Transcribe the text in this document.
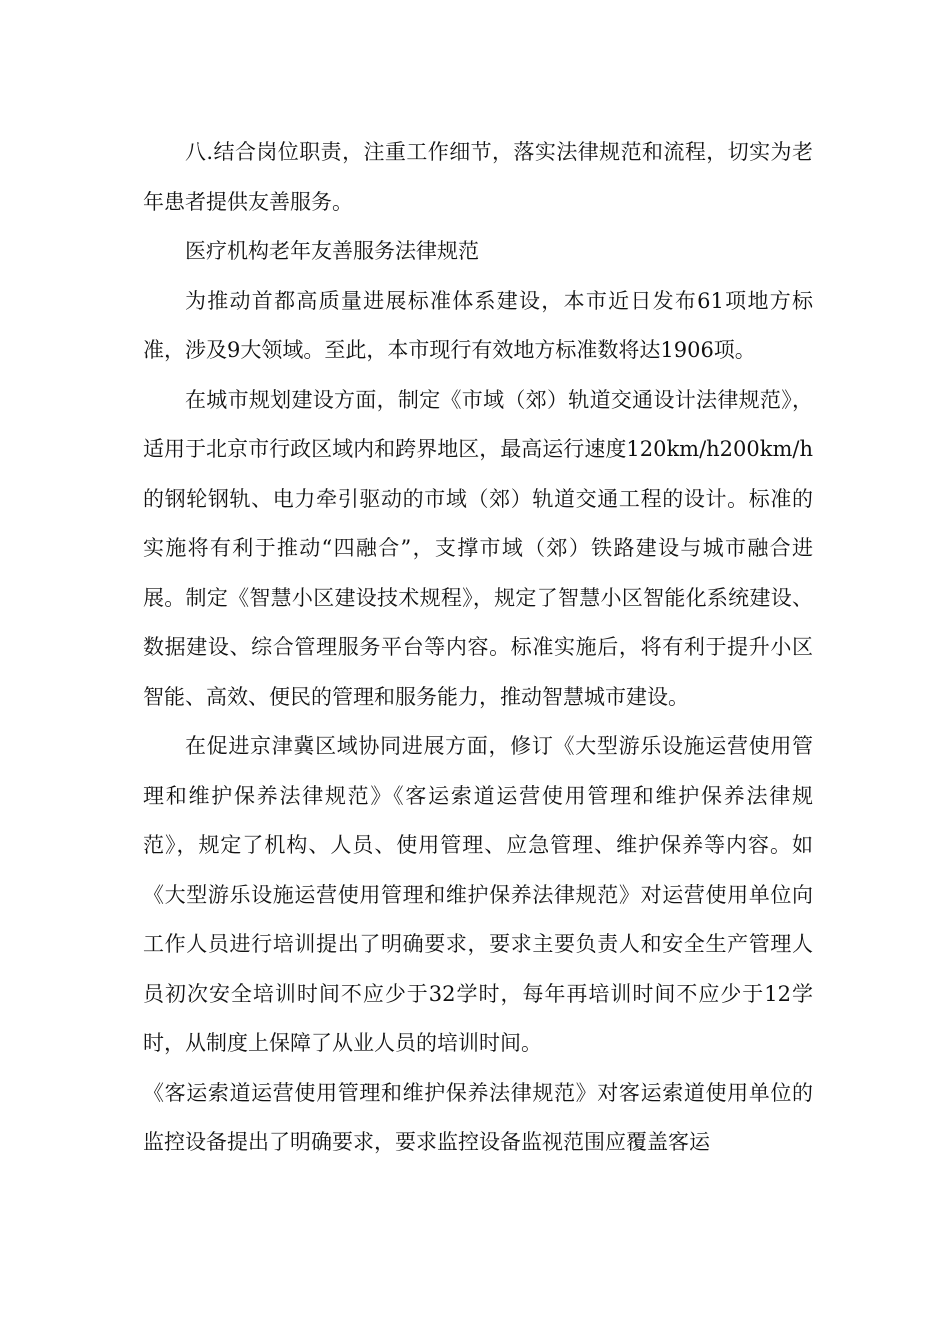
八.结合岗位职责，注重工作细节，落实法律规范和流程，切实为老年患者提供友善服务。

医疗机构老年友善服务法律规范

为推动首都高质量进展标准体系建设，本市近日发布61项地方标准，涉及9大领域。至此，本市现行有效地方标准数将达1906项。

在城市规划建设方面，制定《市域（郊）轨道交通设计法律规范》，适用于北京市行政区域内和跨界地区，最高运行速度120km/h200km/h的钢轮钢轨、电力牵引驱动的市域（郊）轨道交通工程的设计。标准的实施将有利于推动“四融合”，支撑市域（郊）铁路建设与城市融合进展。制定《智慧小区建设技术规程》，规定了智慧小区智能化系统建设、数据建设、综合管理服务平台等内容。标准实施后，将有利于提升小区智能、高效、便民的管理和服务能力，推动智慧城市建设。

在促进京津冀区域协同进展方面，修订《大型游乐设施运营使用管理和维护保养法律规范》《客运索道运营使用管理和维护保养法律规范》，规定了机构、人员、使用管理、应急管理、维护保养等内容。如《大型游乐设施运营使用管理和维护保养法律规范》对运营使用单位向工作人员进行培训提出了明确要求，要求主要负责人和安全生产管理人员初次安全培训时间不应少于32学时，每年再培训时间不应少于12学时，从制度上保障了从业人员的培训时间。

《客运索道运营使用管理和维护保养法律规范》对客运索道使用单位的监控设备提出了明确要求，要求监控设备监视范围应覆盖客运
